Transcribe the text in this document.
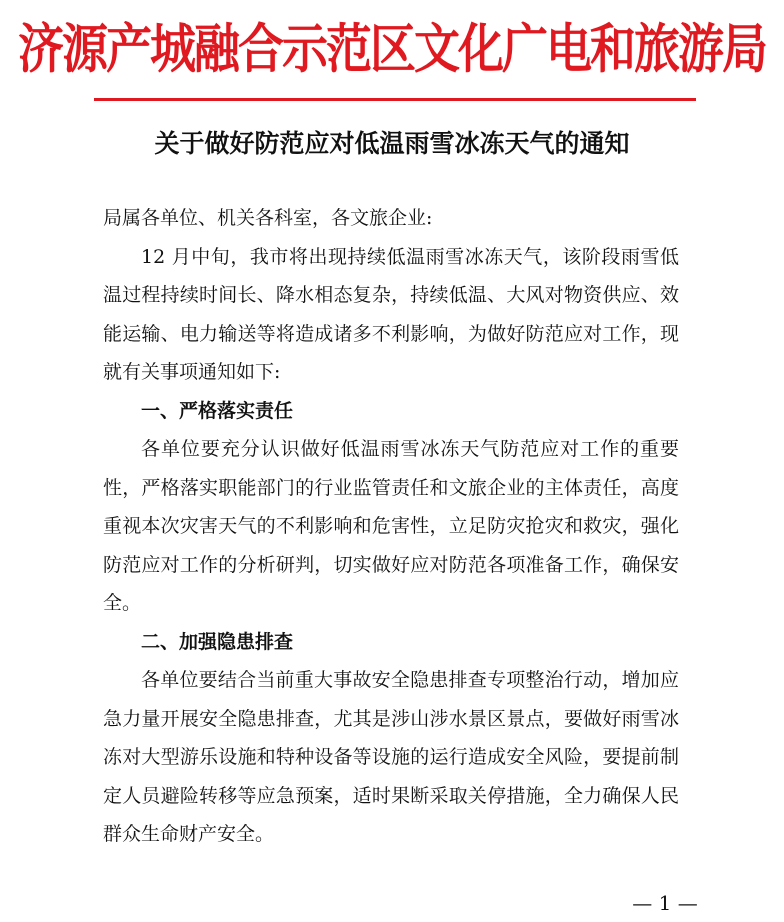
济源产城融合示范区文化广电和旅游局
关于做好防范应对低温雨雪冰冻天气的通知

局属各单位、机关各科室，各文旅企业:

12 月中旬，我市将出现持续低温雨雪冰冻天气，该阶段雨雪低温过程持续时间长、降水相态复杂，持续低温、大风对物资供应、效能运输、电力输送等将造成诸多不利影响，为做好防范应对工作，现就有关事项通知如下:

一、严格落实责任

各单位要充分认识做好低温雨雪冰冻天气防范应对工作的重要性，严格落实职能部门的行业监管责任和文旅企业的主体责任，高度重视本次灾害天气的不利影响和危害性，立足防灾抢灾和救灾，强化防范应对工作的分析研判，切实做好应对防范各项准备工作，确保安全。

二、加强隐患排查

各单位要结合当前重大事故安全隐患排查专项整治行动，增加应急力量开展安全隐患排查，尤其是涉山涉水景区景点，要做好雨雪冰冻对大型游乐设施和特种设备等设施的运行造成安全风险，要提前制定人员避险转移等应急预案，适时果断采取关停措施，全力确保人民群众生命财产安全。

— 1 —
